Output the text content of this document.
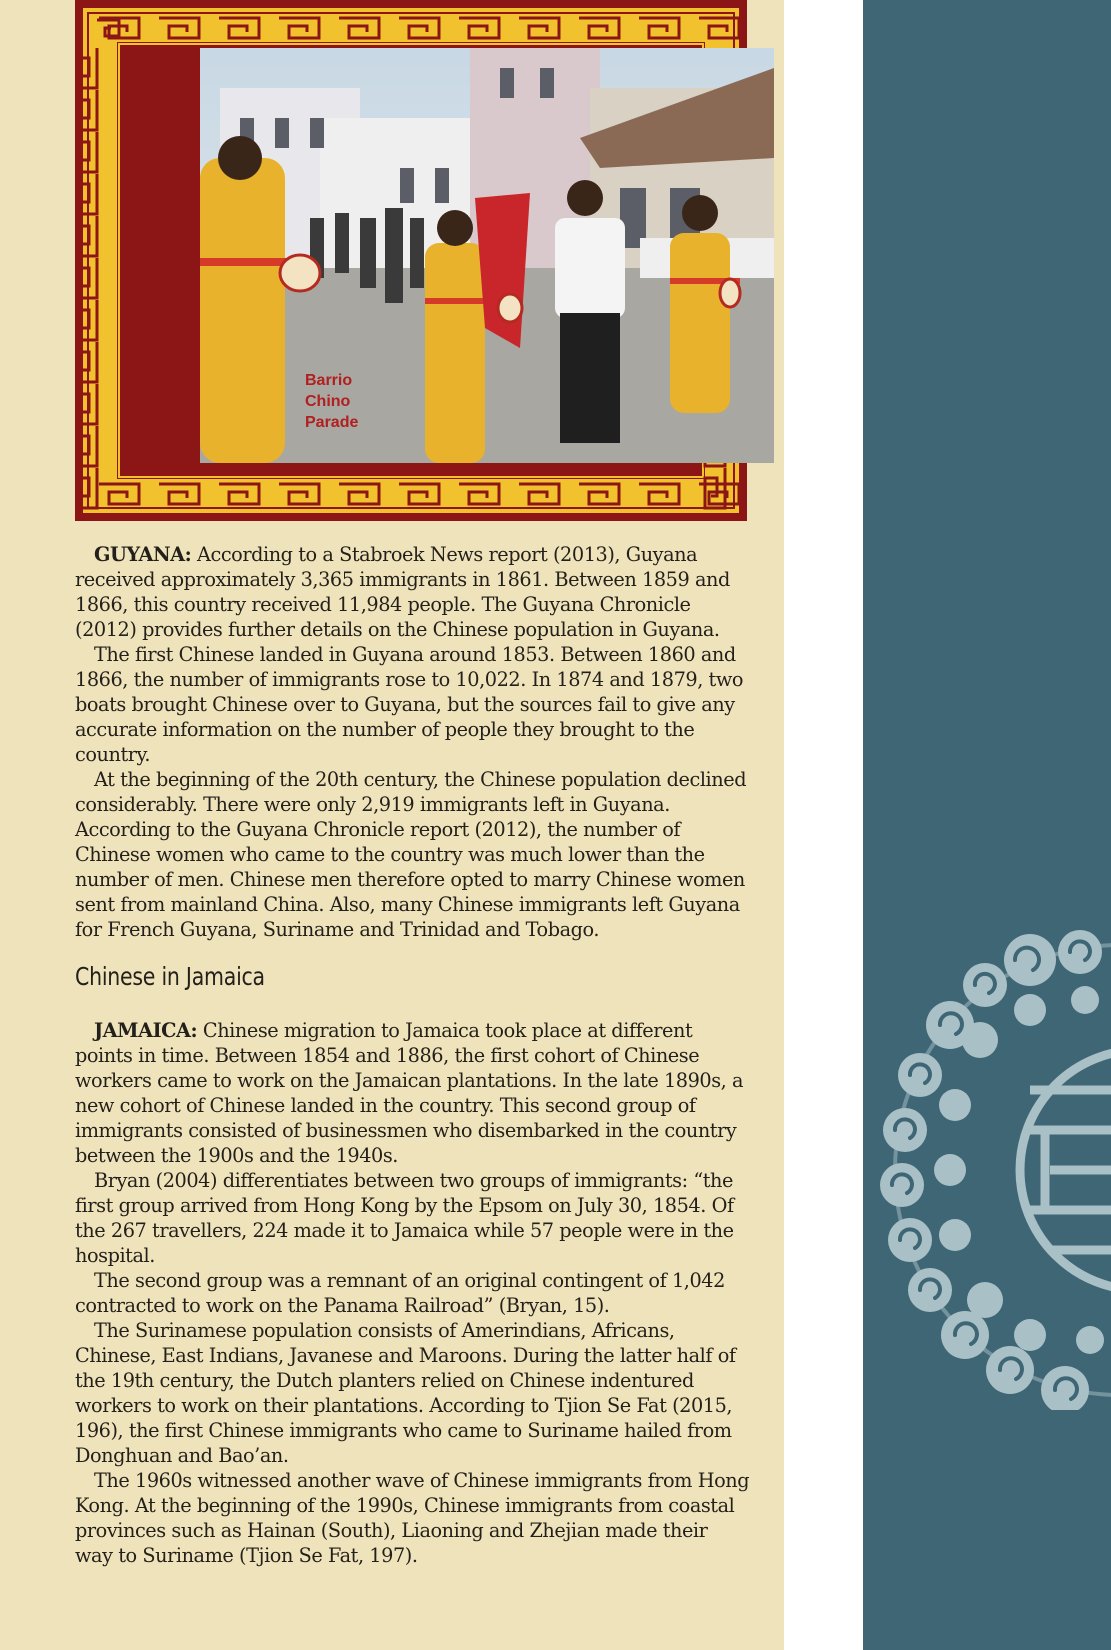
Barrio
Chino
Parade

GUYANA: According to a Stabroek News report (2013), Guyana received approximately 3,365 immigrants in 1861. Between 1859 and 1866, this country received 11,984 people. The Guyana Chronicle (2012) provides further details on the Chinese population in Guyana.

The first Chinese landed in Guyana around 1853. Between 1860 and 1866, the number of immigrants rose to 10,022. In 1874 and 1879, two boats brought Chinese over to Guyana, but the sources fail to give any accurate information on the number of people they brought to the country.

At the beginning of the 20th century, the Chinese population declined considerably. There were only 2,919 immigrants left in Guyana. According to the Guyana Chronicle report (2012), the number of Chinese women who came to the country was much lower than the number of men. Chinese men therefore opted to marry Chinese women sent from mainland China. Also, many Chinese immigrants left Guyana for French Guyana, Suriname and Trinidad and Tobago.

Chinese in Jamaica

JAMAICA: Chinese migration to Jamaica took place at different points in time. Between 1854 and 1886, the first cohort of Chinese workers came to work on the Jamaican plantations. In the late 1890s, a new cohort of Chinese landed in the country. This second group of immigrants consisted of businessmen who disembarked in the country between the 1900s and the 1940s.

Bryan (2004) differentiates between two groups of immigrants: “the first group arrived from Hong Kong by the Epsom on July 30, 1854. Of the 267 travellers, 224 made it to Jamaica while 57 people were in the hospital.

The second group was a remnant of an original contingent of 1,042 contracted to work on the Panama Railroad” (Bryan, 15).

The Surinamese population consists of Amerindians, Africans, Chinese, East Indians, Javanese and Maroons. During the latter half of the 19th century, the Dutch planters relied on Chinese indentured workers to work on their plantations. According to Tjion Se Fat (2015, 196), the first Chinese immigrants who came to Suriname hailed from Donghuan and Bao’an.

The 1960s witnessed another wave of Chinese immigrants from Hong Kong. At the beginning of the 1990s, Chinese immigrants from coastal provinces such as Hainan (South), Liaoning and Zhejian made their way to Suriname (Tjion Se Fat, 197).
